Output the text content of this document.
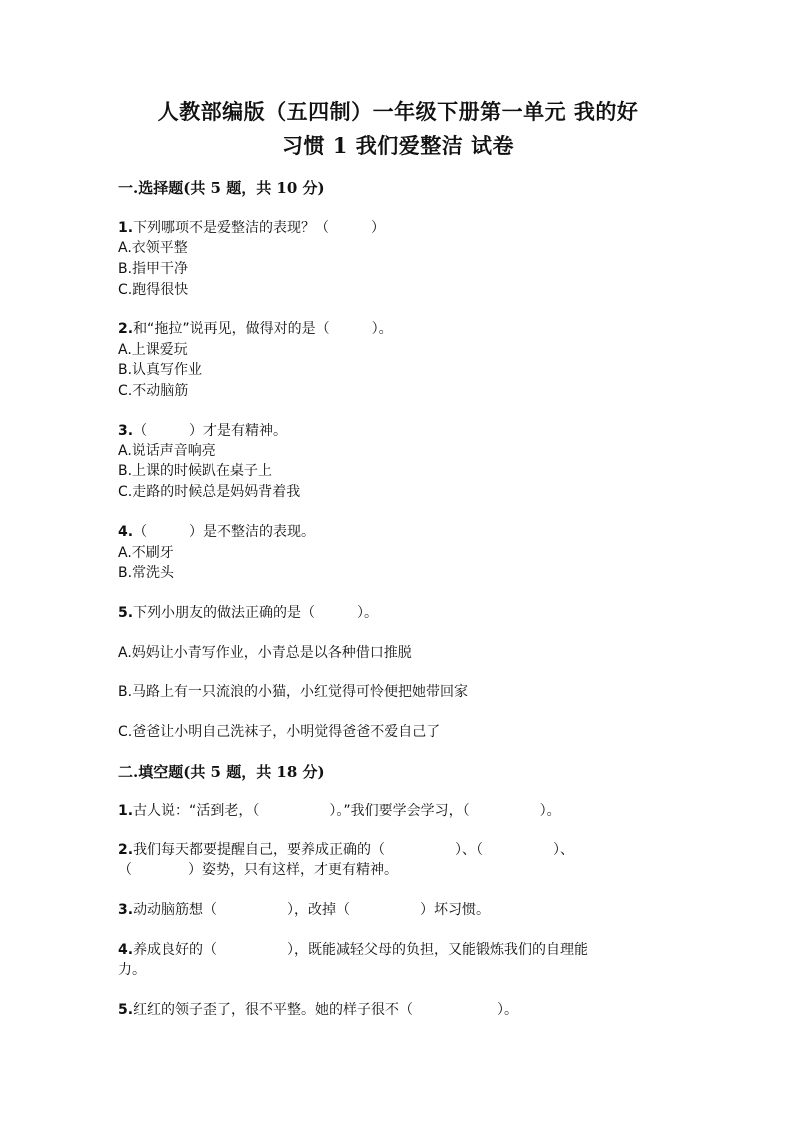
人教部编版（五四制）一年级下册第一单元 我的好
习惯 1 我们爱整洁 试卷
一.选择题(共 5 题，共 10 分)
1.下列哪项不是爱整洁的表现？（　　　）
A.衣领平整
B.指甲干净
C.跑得很快
2.和“拖拉”说再见，做得对的是（　　　）。
A.上课爱玩
B.认真写作业
C.不动脑筋
3.（　　　）才是有精神。
A.说话声音响亮
B.上课的时候趴在桌子上
C.走路的时候总是妈妈背着我
4.（　　　）是不整洁的表现。
A.不刷牙
B.常洗头
5.下列小朋友的做法正确的是（　　　）。
A.妈妈让小青写作业，小青总是以各种借口推脱
B.马路上有一只流浪的小猫，小红觉得可怜便把她带回家
C.爸爸让小明自己洗袜子，小明觉得爸爸不爱自己了
二.填空题(共 5 题，共 18 分)
1.古人说：“活到老，（　　　　　）。”我们要学会学习，（　　　　　）。
2.我们每天都要提醒自己，要养成正确的（　　　　　）、（　　　　　）、
（　　　　）姿势，只有这样，才更有精神。
3.动动脑筋想（　　　　　），改掉（　　　　　）坏习惯。
4.养成良好的（　　　　　），既能减轻父母的负担，又能锻炼我们的自理能
力。
5.红红的领子歪了，很不平整。她的样子很不（　　　　　　）。
